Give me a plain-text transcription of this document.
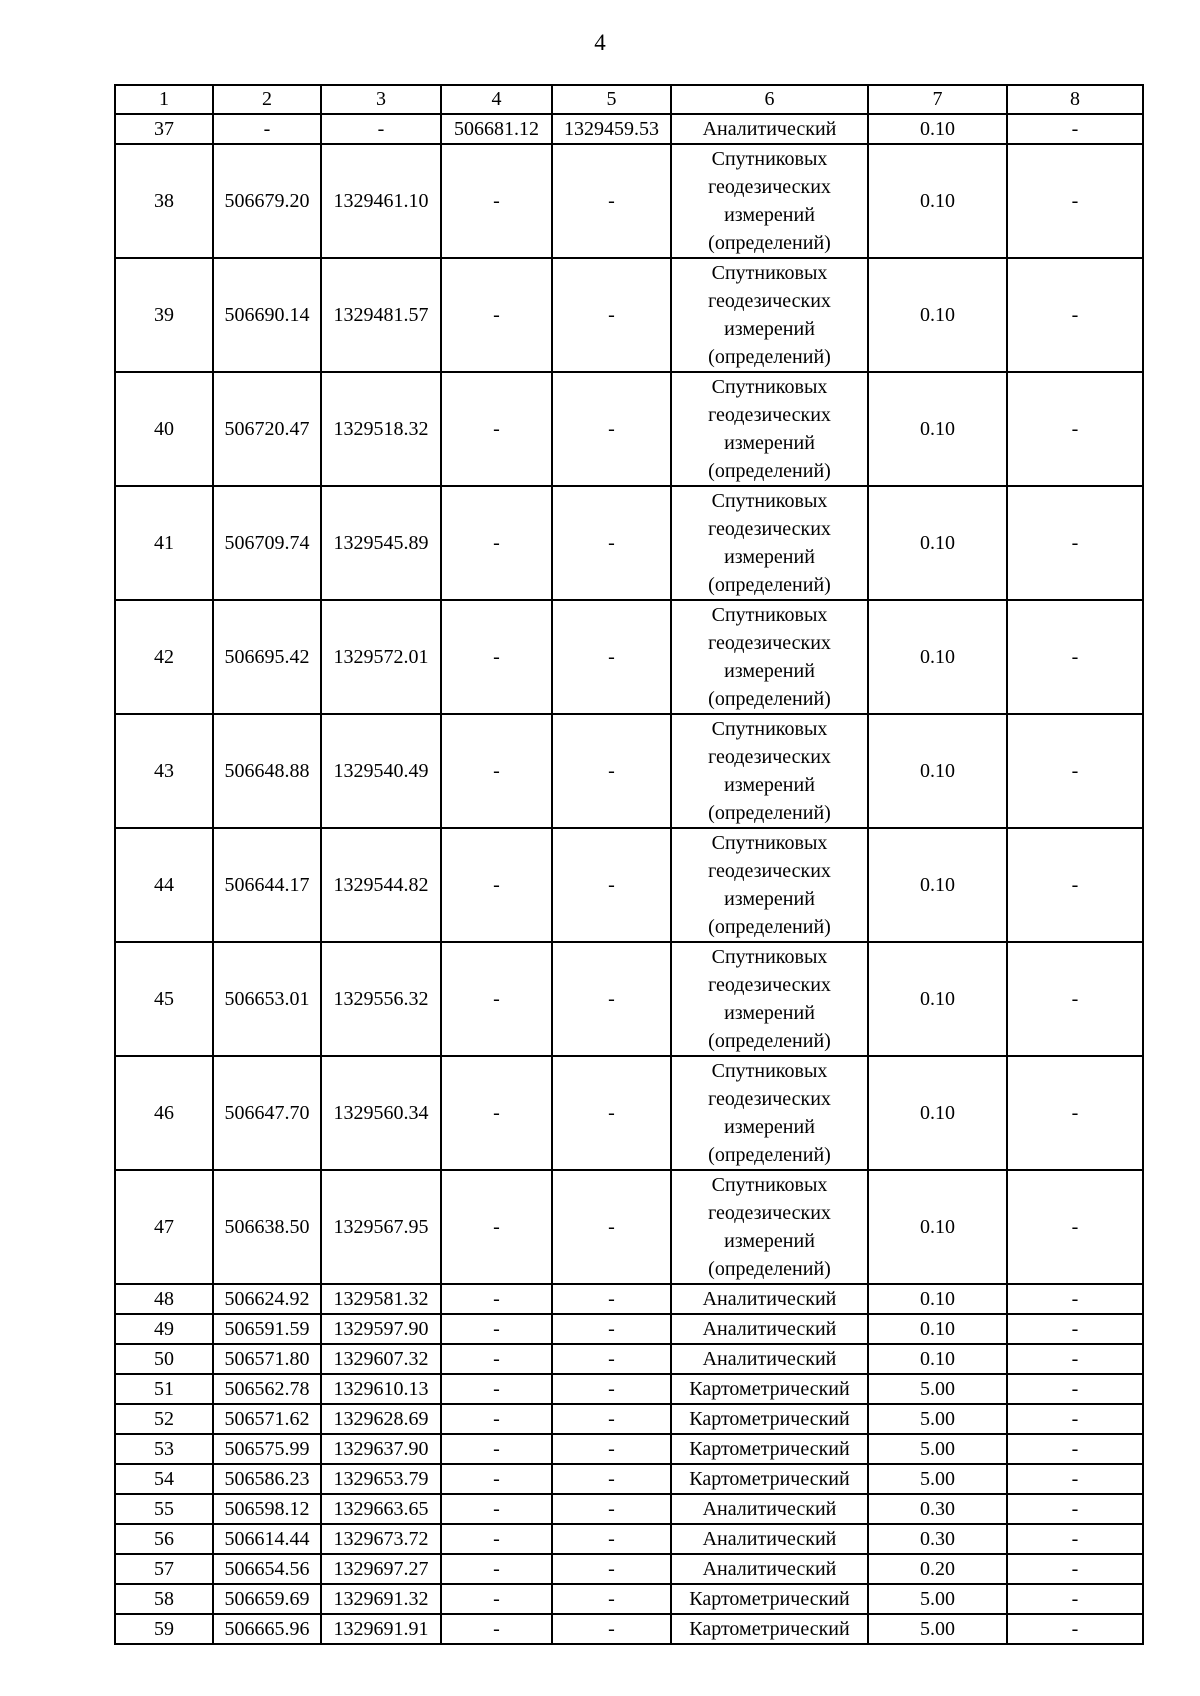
4
1	2	3	4	5	6	7	8
37	-	-	506681.12	1329459.53	Аналитический	0.10	-
38	506679.20	1329461.10	-	-	Спутниковых геодезических измерений (определений)	0.10	-
39	506690.14	1329481.57	-	-	Спутниковых геодезических измерений (определений)	0.10	-
40	506720.47	1329518.32	-	-	Спутниковых геодезических измерений (определений)	0.10	-
41	506709.74	1329545.89	-	-	Спутниковых геодезических измерений (определений)	0.10	-
42	506695.42	1329572.01	-	-	Спутниковых геодезических измерений (определений)	0.10	-
43	506648.88	1329540.49	-	-	Спутниковых геодезических измерений (определений)	0.10	-
44	506644.17	1329544.82	-	-	Спутниковых геодезических измерений (определений)	0.10	-
45	506653.01	1329556.32	-	-	Спутниковых геодезических измерений (определений)	0.10	-
46	506647.70	1329560.34	-	-	Спутниковых геодезических измерений (определений)	0.10	-
47	506638.50	1329567.95	-	-	Спутниковых геодезических измерений (определений)	0.10	-
48	506624.92	1329581.32	-	-	Аналитический	0.10	-
49	506591.59	1329597.90	-	-	Аналитический	0.10	-
50	506571.80	1329607.32	-	-	Аналитический	0.10	-
51	506562.78	1329610.13	-	-	Картометрический	5.00	-
52	506571.62	1329628.69	-	-	Картометрический	5.00	-
53	506575.99	1329637.90	-	-	Картометрический	5.00	-
54	506586.23	1329653.79	-	-	Картометрический	5.00	-
55	506598.12	1329663.65	-	-	Аналитический	0.30	-
56	506614.44	1329673.72	-	-	Аналитический	0.30	-
57	506654.56	1329697.27	-	-	Аналитический	0.20	-
58	506659.69	1329691.32	-	-	Картометрический	5.00	-
59	506665.96	1329691.91	-	-	Картометрический	5.00	-
